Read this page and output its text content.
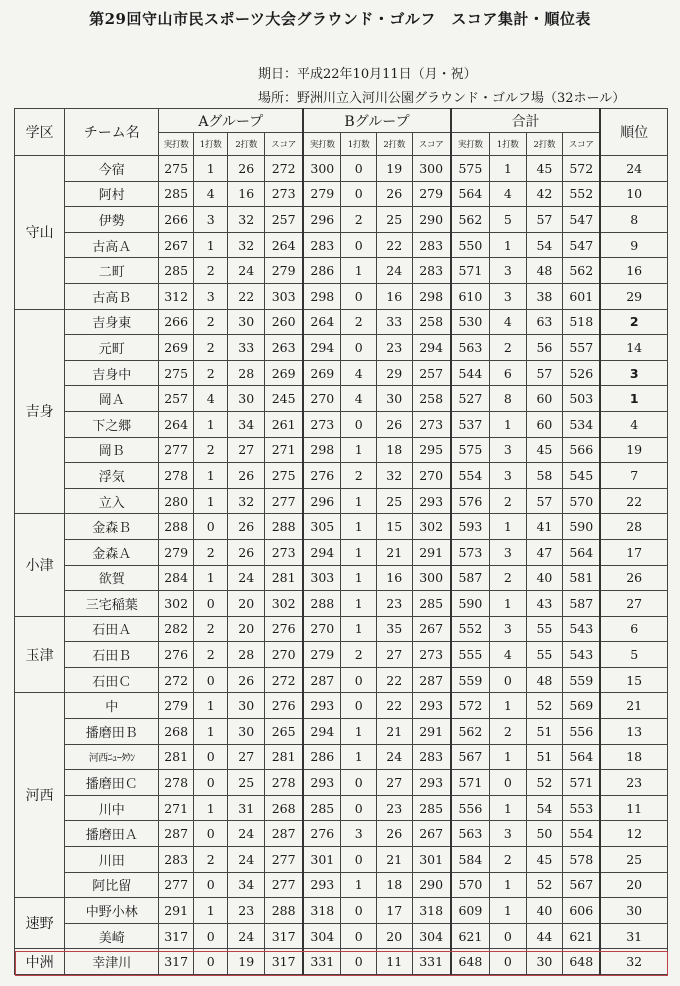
第29回守山市民スポーツ大会グラウンド・ゴルフ　スコア集計・順位表
期日：平成22年10月11日（月・祝）
場所：野洲川立入河川公園グラウンド・ゴルフ場（32ホール）
学区	チーム名	Aグループ				Bグループ				合計				順位
		実打数	1打数	2打数	スコア	実打数	1打数	2打数	スコア	実打数	1打数	2打数	スコア	
守山	今宿	275	1	26	272	300	0	19	300	575	1	45	572	24
	阿村	285	4	16	273	279	0	26	279	564	4	42	552	10
	伊勢	266	3	32	257	296	2	25	290	562	5	57	547	8
	古高Ａ	267	1	32	264	283	0	22	283	550	1	54	547	9
	二町	285	2	24	279	286	1	24	283	571	3	48	562	16
	古高Ｂ	312	3	22	303	298	0	16	298	610	3	38	601	29
吉身	吉身東	266	2	30	260	264	2	33	258	530	4	63	518	2
	元町	269	2	33	263	294	0	23	294	563	2	56	557	14
	吉身中	275	2	28	269	269	4	29	257	544	6	57	526	3
	岡Ａ	257	4	30	245	270	4	30	258	527	8	60	503	1
	下之郷	264	1	34	261	273	0	26	273	537	1	60	534	4
	岡Ｂ	277	2	27	271	298	1	18	295	575	3	45	566	19
	浮気	278	1	26	275	276	2	32	270	554	3	58	545	7
	立入	280	1	32	277	296	1	25	293	576	2	57	570	22
小津	金森Ｂ	288	0	26	288	305	1	15	302	593	1	41	590	28
	金森Ａ	279	2	26	273	294	1	21	291	573	3	47	564	17
	欲賀	284	1	24	281	303	1	16	300	587	2	40	581	26
	三宅稲葉	302	0	20	302	288	1	23	285	590	1	43	587	27
玉津	石田Ａ	282	2	20	276	270	1	35	267	552	3	55	543	6
	石田Ｂ	276	2	28	270	279	2	27	273	555	4	55	543	5
	石田Ｃ	272	0	26	272	287	0	22	287	559	0	48	559	15
河西	中	279	1	30	276	293	0	22	293	572	1	52	569	21
	播磨田Ｂ	268	1	30	265	294	1	21	291	562	2	51	556	13
	河西ﾆｭｰﾀｳﾝ	281	0	27	281	286	1	24	283	567	1	51	564	18
	播磨田Ｃ	278	0	25	278	293	0	27	293	571	0	52	571	23
	川中	271	1	31	268	285	0	23	285	556	1	54	553	11
	播磨田Ａ	287	0	24	287	276	3	26	267	563	3	50	554	12
	川田	283	2	24	277	301	0	21	301	584	2	45	578	25
	阿比留	277	0	34	277	293	1	18	290	570	1	52	567	20
速野	中野小林	291	1	23	288	318	0	17	318	609	1	40	606	30
	美崎	317	0	24	317	304	0	20	304	621	0	44	621	31
中洲	幸津川	317	0	19	317	331	0	11	331	648	0	30	648	32
